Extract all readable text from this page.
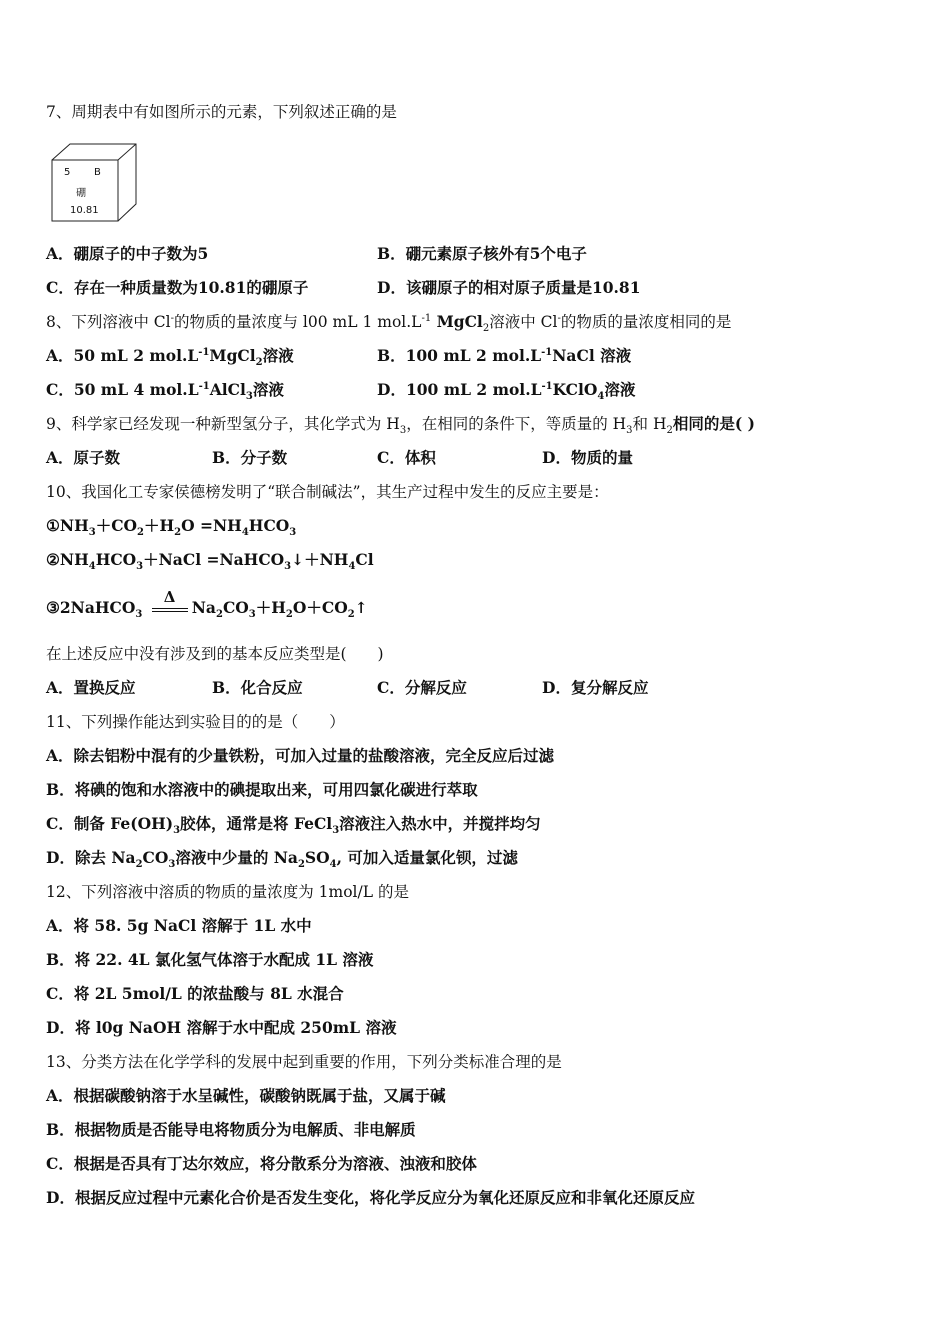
7、周期表中有如图所示的元素，下列叙述正确的是
5 B
硼
10.81
A．硼原子的中子数为5	B．硼元素原子核外有5个电子
C．存在一种质量数为10.81的硼原子	D．该硼原子的相对原子质量是10.81
8、下列溶液中 Cl-的物质的量浓度与 l00 mL 1 $mol.L^{-1}$ MgCl$_2$溶液中 Cl-的物质的量浓度相同的是
A．50 mL 2 $mol.L^{-1}MgCl_2$溶液	B．100 mL 2 $mol.L^{-1}NaCl$ 溶液
C．50 mL 4 $mol.L^{-1}AlCl_3$溶液	D．100 mL 2 $mol.L^{-1}KClO_4$溶液
9、科学家已经发现一种新型氢分子，其化学式为 $H_3$，在相同的条件下，等质量的 $H_3$和 $H_2$相同的是( )
A．原子数	B．分子数	C．体积	D．物质的量
10、我国化工专家侯德榜发明了“联合制碱法”，其生产过程中发生的反应主要是：
$①NH_3+CO_2+H_2O =NH_4HCO_3$
$②NH_4HCO_3+NaCl$ $=NaHCO_3↓+NH_4Cl$
③2NaHCO$_3$
Δ
$Na_2CO_3+H_2O+CO_2↑$
在上述反应中没有涉及到的基本反应类型是(　　)
A．置换反应	B．化合反应	C．分解反应	D．复分解反应
11、下列操作能达到实验目的的是（　　）
A．除去铝粉中混有的少量铁粉，可加入过量的盐酸溶液，完全反应后过滤
B．将碘的饱和水溶液中的碘提取出来，可用四氯化碳进行萃取
C．制备 $Fe(OH)_3$胶体，通常是将 FeCl$_3$溶液注入热水中，并搅拌均匀
D．除去 $Na_2CO_3$溶液中少量的 $Na_2SO_4$, 可加入适量氯化钡，过滤
12、下列溶液中溶质的物质的量浓度为 1mol/L 的是
A．将 58. 5g NaCl 溶解于 1L 水中
B．将 22. 4L 氯化氢气体溶于水配成 1L 溶液
C．将 2L 5mol/L 的浓盐酸与 8L 水混合
D．将 l0g NaOH 溶解于水中配成 250mL 溶液
13、分类方法在化学学科的发展中起到重要的作用，下列分类标准合理的是
A．根据碳酸钠溶于水呈碱性，碳酸钠既属于盐，又属于碱
B．根据物质是否能导电将物质分为电解质、非电解质
C．根据是否具有丁达尔效应，将分散系分为溶液、浊液和胶体
D．根据反应过程中元素化合价是否发生变化，将化学反应分为氧化还原反应和非氧化还原反应
